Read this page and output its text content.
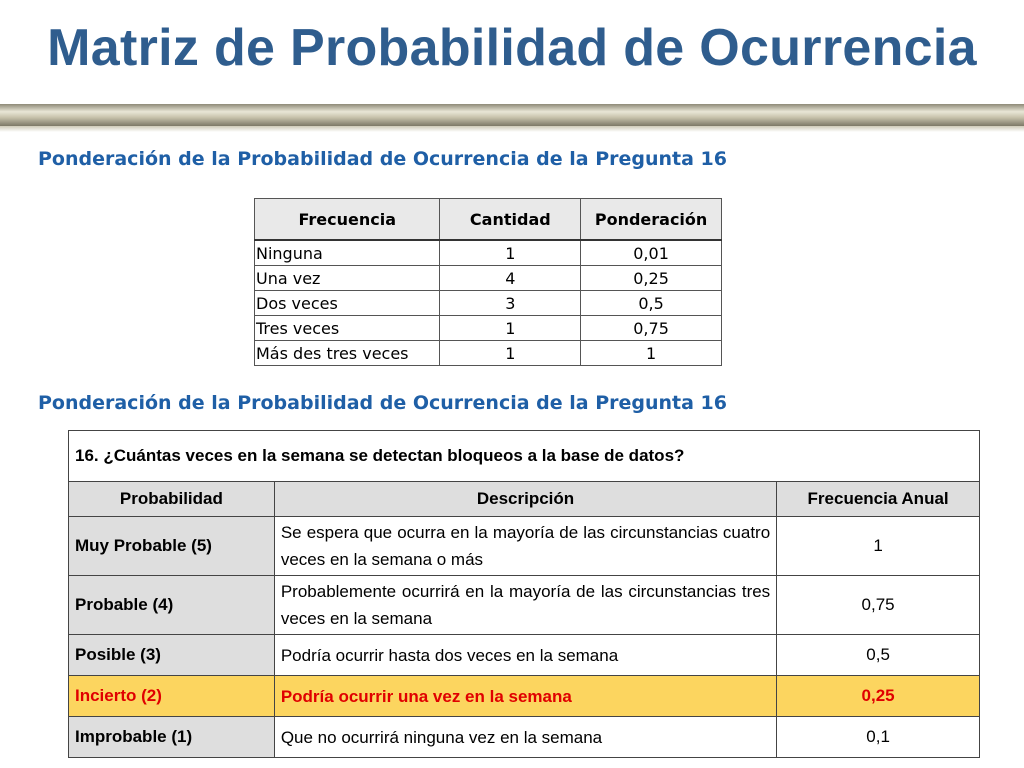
Matriz de Probabilidad de Ocurrencia
Ponderación de la Probabilidad de Ocurrencia de la Pregunta 16
Frecuencia	Cantidad	Ponderación
Ninguna	1	0,01
Una vez	4	0,25
Dos veces	3	0,5
Tres veces	1	0,75
Más des tres veces	1	1
Ponderación de la Probabilidad de Ocurrencia de la Pregunta 16
16. ¿Cuántas veces en la semana se detectan bloqueos a la base de datos?		
Probabilidad	Descripción	Frecuencia Anual
Muy Probable (5)	Se espera que ocurra en la mayoría de las circunstancias cuatro veces en la semana o más	1
Probable (4)	Probablemente ocurrirá en la mayoría de las circunstancias tres veces en la semana	0,75
Posible (3)	Podría ocurrir hasta dos veces en la semana	0,5
Incierto (2)	Podría ocurrir una vez en la semana	0,25
Improbable (1)	Que no ocurrirá ninguna vez en la semana	0,1
